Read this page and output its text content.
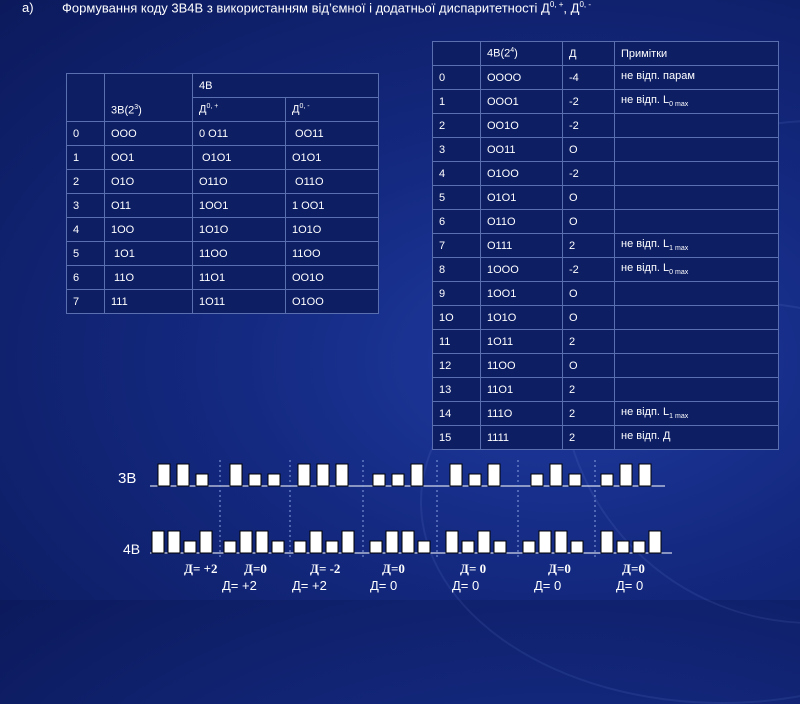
а) Формування коду 3В4В з використанням від’ємної і додатньої диспаритетності $Д^{0, +}$, $Д^{0, -}$
	$3В(2^3)$	4В	
		$Д^{0, +}$	$Д^{0, -}$
0	ООО	0 О11	ОО11
1	ОО1	О1О1	О1О1
2	О1О	О11О	О11О
3	О11	1ОО1	1 ОО1
4	1ОО	1О1О	1О1О
5	1О1	11ОО	11ОО
6	11О	11О1	ОО1О
7	111	1О11	О1ОО
	$4В(2^4)$	Д	Примітки
0	ОООО	-4	не відп. парам
1	ООО1	-2	не відп. $L_{0 max}$
2	ОО1О	-2	
3	ОО11	О	
4	О1ОО	-2	
5	О1О1	О	
6	О11О	О	
7	О111	2	не відп. $L_{1 max}$
8	1ООО	-2	не відп. $L_{0 max}$
9	1ОО1	О	
1О	1О1О	О	
11	1О11	2	
12	11ОО	О	
13	11О1	2	
14	111О	2	не відп. $L_{1 max}$
15	1111	2	не відп. Д
3В
4В
Д= +2 Д=0	Д= -2	Д=0	Д= 0	Д=0	Д=0
Д= +2	Д= +2	Д= 0	Д= 0	Д= 0	Д= 0
